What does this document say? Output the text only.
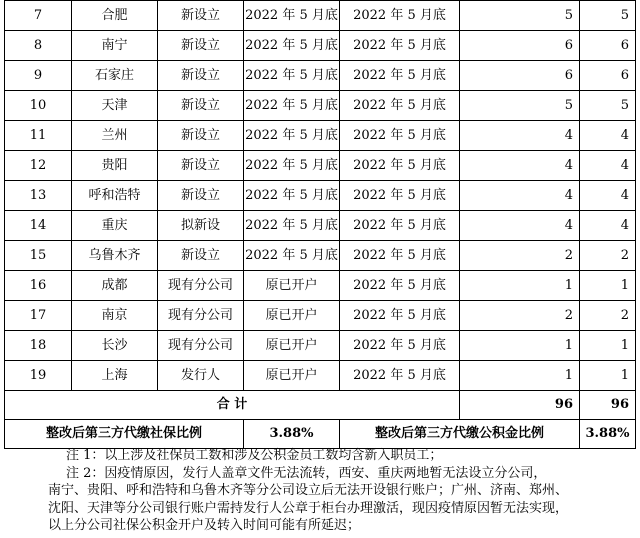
7	合肥	新设立	2022 年 5 月底	2022 年 5 月底	5	5
8	南宁	新设立	2022 年 5 月底	2022 年 5 月底	6	6
9	石家庄	新设立	2022 年 5 月底	2022 年 5 月底	6	6
10	天津	新设立	2022 年 5 月底	2022 年 5 月底	5	5
11	兰州	新设立	2022 年 5 月底	2022 年 5 月底	4	4
12	贵阳	新设立	2022 年 5 月底	2022 年 5 月底	4	4
13	呼和浩特	新设立	2022 年 5 月底	2022 年 5 月底	4	4
14	重庆	拟新设	2022 年 5 月底	2022 年 5 月底	4	4
15	乌鲁木齐	新设立	2022 年 5 月底	2022 年 5 月底	2	2
16	成都	现有分公司	原已开户	2022 年 5 月底	1	1
17	南京	现有分公司	原已开户	2022 年 5 月底	2	2
18	长沙	现有分公司	原已开户	2022 年 5 月底	1	1
19	上海	发行人	原已开户	2022 年 5 月底	1	1
合 计					96	96
整改后第三方代缴社保比例			3.88%	整改后第三方代缴公积金比例		3.88%

注 1：以上涉及社保员工数和涉及公积金员工数均含新入职员工；

注 2：因疫情原因，发行人盖章文件无法流转，西安、重庆两地暂无法设立分公司，

南宁、贵阳、呼和浩特和乌鲁木齐等分公司设立后无法开设银行账户；广州、济南、郑州、

沈阳、天津等分公司银行账户需持发行人公章于柜台办理激活，现因疫情原因暂无法实现，

以上分公司社保公积金开户及转入时间可能有所延迟；
